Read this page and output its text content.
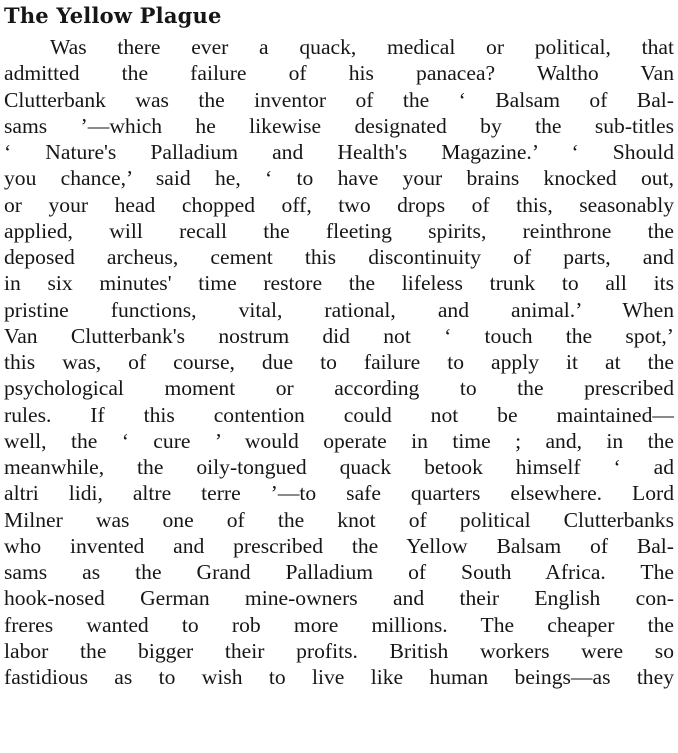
The Yellow Plague
Was there ever a quack, medical or political, that
admitted the failure of his panacea? Waltho Van
Clutterbank was the inventor of the ‘ Balsam of Bal-
sams ’—which he likewise designated by the sub-titles
‘ Nature's Palladium and Health's Magazine.’ ‘ Should
you chance,’ said he, ‘ to have your brains knocked out,
or your head chopped off, two drops of this, seasonably
applied, will recall the fleeting spirits, reinthrone the
deposed archeus, cement this discontinuity of parts, and
in six minutes' time restore the lifeless trunk to all its
pristine functions, vital, rational, and animal.’ When
Van Clutterbank's nostrum did not ‘ touch the spot,’
this was, of course, due to failure to apply it at the
psychological moment or according to the prescribed
rules. If this contention could not be maintained—
well, the ‘ cure ’ would operate in time ; and, in the
meanwhile, the oily-tongued quack betook himself ‘ ad
altri lidi, altre terre ’—to safe quarters elsewhere. Lord
Milner was one of the knot of political Clutterbanks
who invented and prescribed the Yellow Balsam of Bal-
sams as the Grand Palladium of South Africa. The
hook-nosed German mine-owners and their English con-
freres wanted to rob more millions. The cheaper the
labor the bigger their profits. British workers were so
fastidious as to wish to live like human beings—as they
